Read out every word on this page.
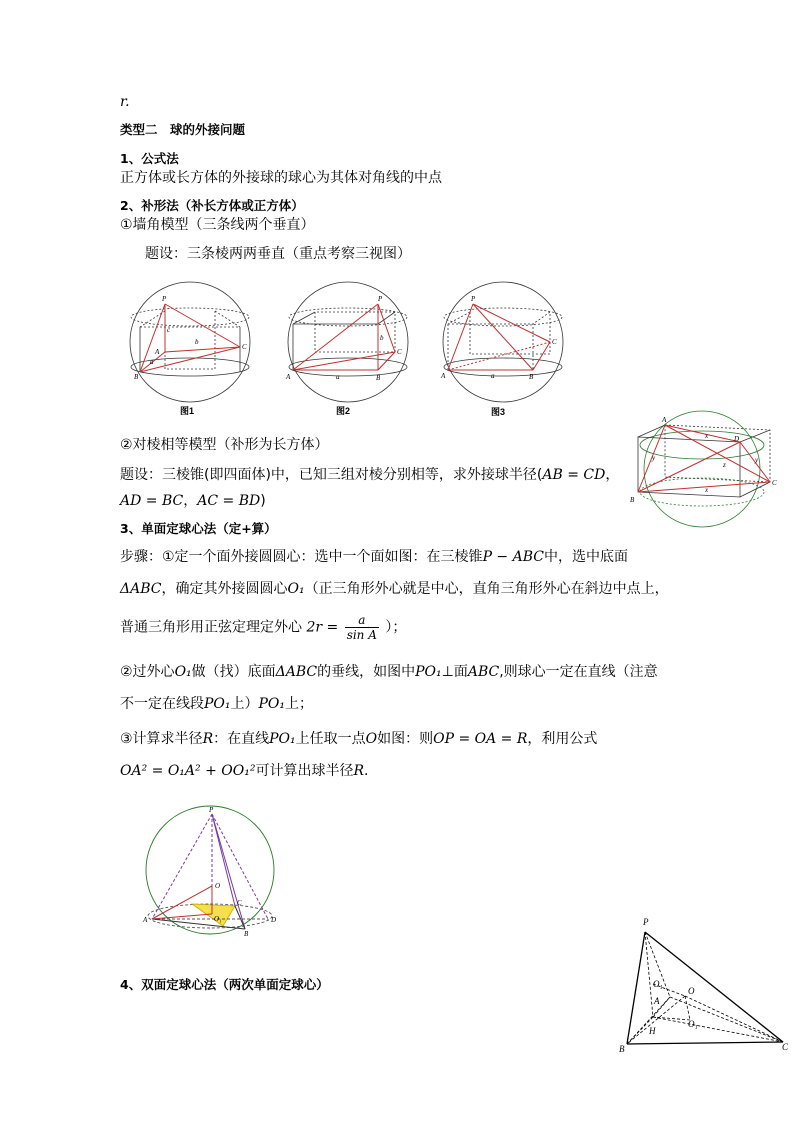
r.
类型二　球的外接问题
1、公式法
正方体或长方体的外接球的球心为其体对角线的中点
2、补形法（补长方体或正方体）
①墙角模型（三条线两个垂直）
题设：三条棱两两垂直（重点考察三视图）
P
A
B
C
c
b
a
图1
P
A	B
C
a
b
图2
P
A	B
C
a
图3
A
B
C
D
x
x
y	y
z
②对棱相等模型（补形为长方体）
题设：三棱锥(即四面体)中，已知三组对棱分别相等，求外接球半径(AB = CD，
AD = BC，AC = BD)
3、单面定球心法（定+算）
步骤：①定一个面外接圆圆心：选中一个面如图：在三棱锥P − ABC中，选中底面
ΔABC，确定其外接圆圆心O₁（正三角形外心就是中心，直角三角形外心在斜边中点上，
普通三角形用正弦定理定外心 $2r = \frac{a}{\text{sin A}}$ ）；
②过外心O₁做（找）底面ΔABC的垂线，如图中PO₁⊥面ABC,则球心一定在直线（注意
不一定在线段PO₁上）PO₁上；
③计算求半径R：在直线PO₁上任取一点O如图：则OP = OA = R，利用公式
OA² = O₁A² + OO₁²可计算出球半径R.
P
O
O₁
A
C
B
D
4、双面定球心法（两次单面定球心）
P
B	C
A
H
O
O₁
O₁
